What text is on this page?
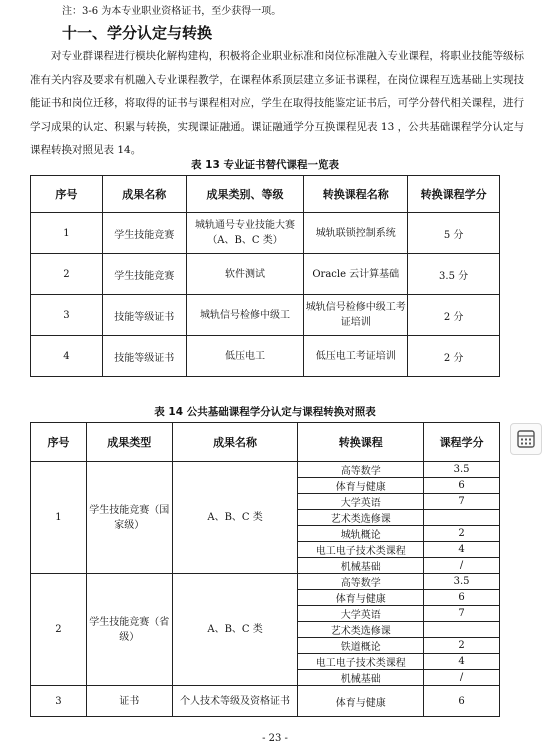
注：3-6 为本专业职业资格证书，至少获得一项。
十一、学分认定与转换

对专业群课程进行模块化解构建构，积极将企业职业标准和岗位标准融入专业课程，将职业技能等级标准有关内容及要求有机融入专业课程教学，在课程体系顶层建立多证书课程，在岗位课程互选基础上实现技能证书和岗位迁移，将取得的证书与课程相对应，学生在取得技能鉴定证书后，可学分替代相关课程，进行学习成果的认定、积累与转换，实现课证融通。课证融通学分互换课程见表 13 ，公共基础课程学分认定与课程转换对照见表 14。

表 13 专业证书替代课程一览表
序号	成果名称	成果类别、等级	转换课程名称	转换课程学分
1	学生技能竞赛	城轨通号专业技能大赛（A、B、C 类）	城轨联锁控制系统	5 分
2	学生技能竞赛	软件测试	Oracle 云计算基础	3.5 分
3	技能等级证书	城轨信号检修中级工	城轨信号检修中级工考证培训	2 分
4	技能等级证书	低压电工	低压电工考证培训	2 分
表 14 公共基础课程学分认定与课程转换对照表
序号	成果类型	成果名称	转换课程	课程学分
1	学生技能竞赛（国家级）	A、B、C 类	高等数学	3.5
			体育与健康	6
			大学英语	7
			艺术类选修课	
			城轨概论	2
			电工电子技术类课程	4
			机械基础	/
2	学生技能竞赛（省级）	A、B、C 类	高等数学	3.5
			体育与健康	6
			大学英语	7
			艺术类选修课	
			铁道概论	2
			电工电子技术类课程	4
			机械基础	/
3	证书	个人技术等级及资格证书	体育与健康	6
- 23 -
